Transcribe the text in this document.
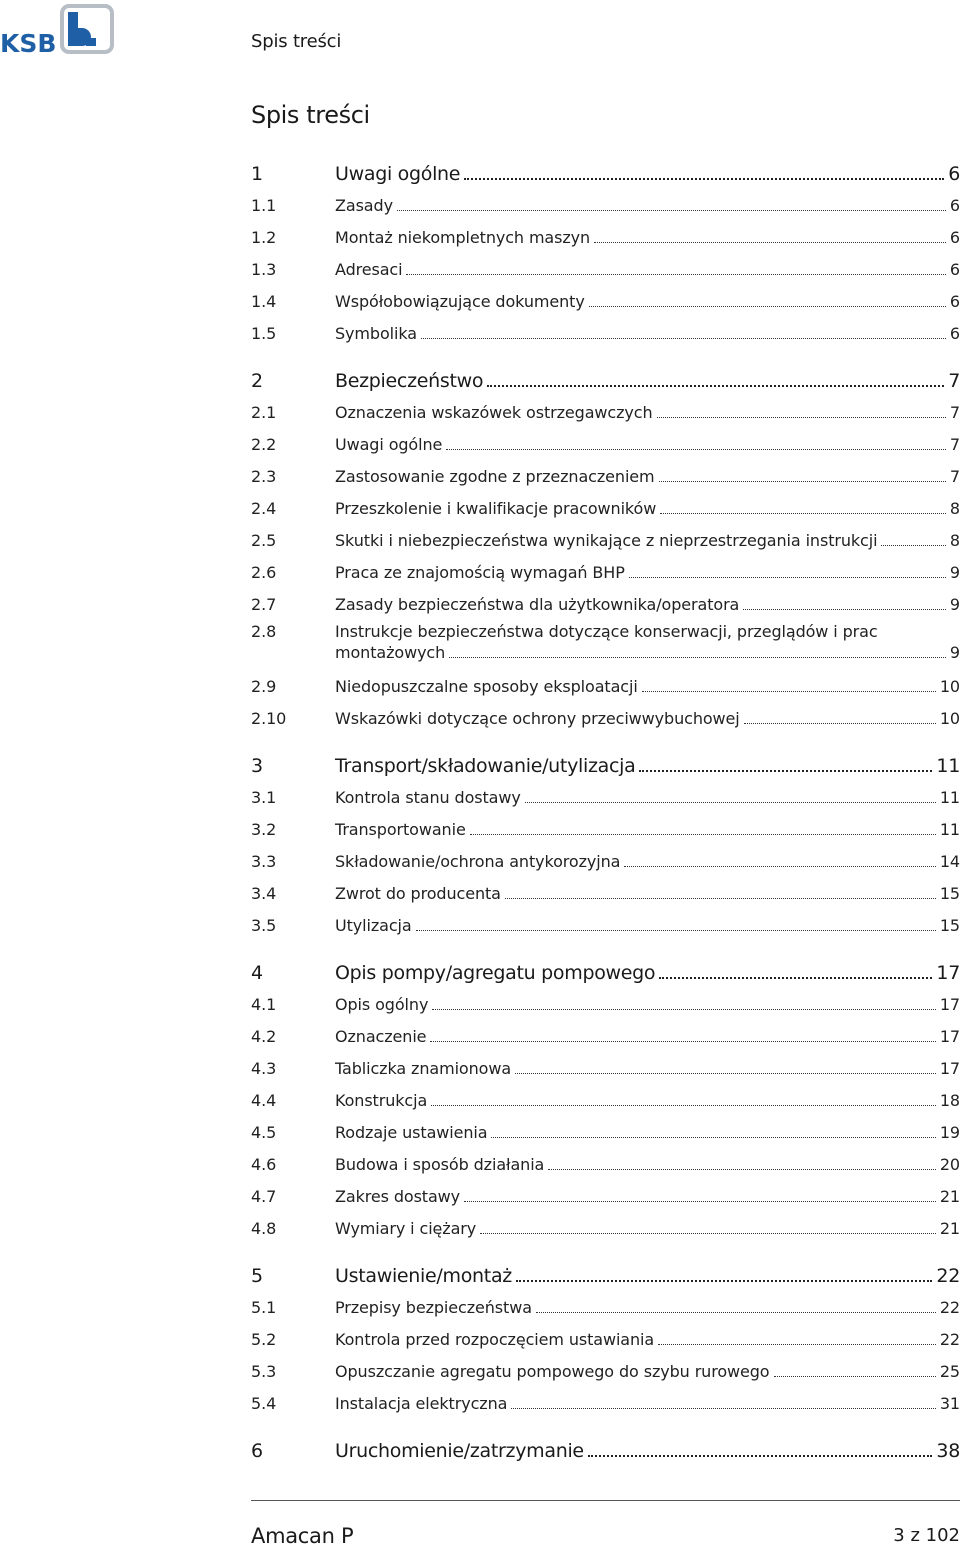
KSB	Spis treści
Spis treści
1	Uwagi ogólne	6
1.1	Zasady	6
1.2	Montaż niekompletnych maszyn	6
1.3	Adresaci	6
1.4	Współobowiązujące dokumenty	6
1.5	Symbolika	6
2	Bezpieczeństwo	7
2.1	Oznaczenia wskazówek ostrzegawczych	7
2.2	Uwagi ogólne	7
2.3	Zastosowanie zgodne z przeznaczeniem	7
2.4	Przeszkolenie i kwalifikacje pracowników	8
2.5	Skutki i niebezpieczeństwa wynikające z nieprzestrzegania instrukcji	8
2.6	Praca ze znajomością wymagań BHP	9
2.7	Zasady bezpieczeństwa dla użytkownika/operatora	9
2.8	Instrukcje bezpieczeństwa dotyczące konserwacji, przeglądów i prac
montażowych	9
2.9	Niedopuszczalne sposoby eksploatacji	10
2.10	Wskazówki dotyczące ochrony przeciwwybuchowej	10
3	Transport/składowanie/utylizacja	11
3.1	Kontrola stanu dostawy	11
3.2	Transportowanie	11
3.3	Składowanie/ochrona antykorozyjna	14
3.4	Zwrot do producenta	15
3.5	Utylizacja	15
4	Opis pompy/agregatu pompowego	17
4.1	Opis ogólny	17
4.2	Oznaczenie	17
4.3	Tabliczka znamionowa	17
4.4	Konstrukcja	18
4.5	Rodzaje ustawienia	19
4.6	Budowa i sposób działania	20
4.7	Zakres dostawy	21
4.8	Wymiary i ciężary	21
5	Ustawienie/montaż	22
5.1	Przepisy bezpieczeństwa	22
5.2	Kontrola przed rozpoczęciem ustawiania	22
5.3	Opuszczanie agregatu pompowego do szybu rurowego	25
5.4	Instalacja elektryczna	31
6	Uruchomienie/zatrzymanie	38
Amacan P	3 z 102
